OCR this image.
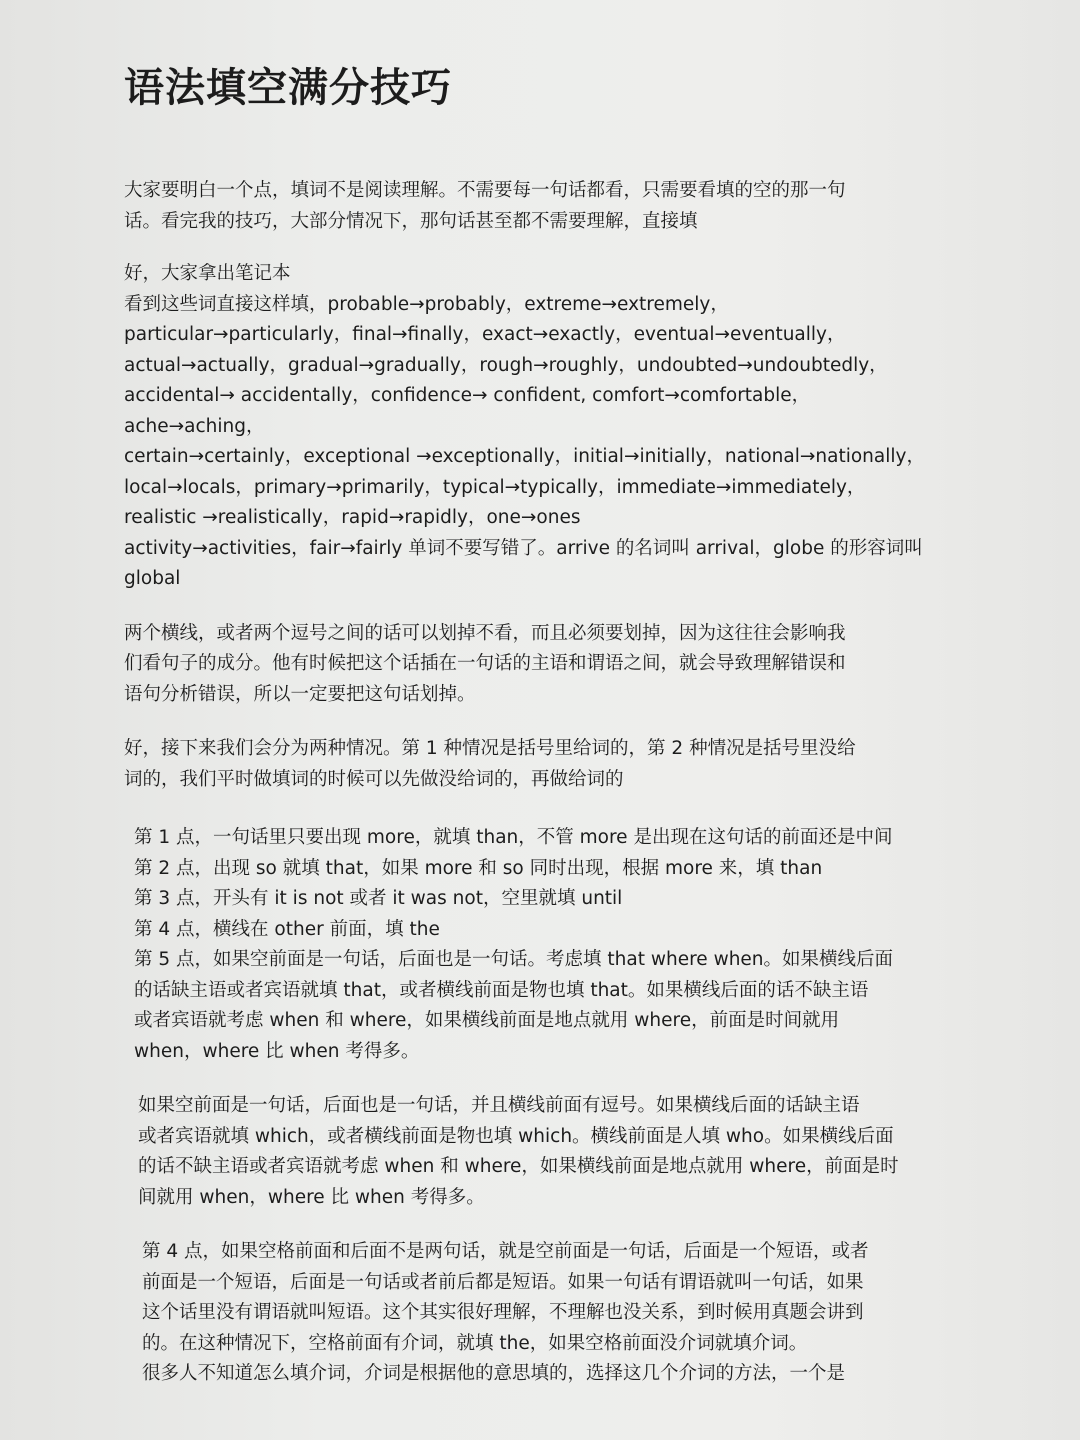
语法填空满分技巧

大家要明白一个点，填词不是阅读理解。不需要每一句话都看，只需要看填的空的那一句

话。看完我的技巧，大部分情况下，那句话甚至都不需要理解，直接填

好，大家拿出笔记本

看到这些词直接这样填，probable→probably，extreme→extremely，

particular→particularly，final→finally，exact→exactly，eventual→eventually，

actual→actually，gradual→gradually，rough→roughly，undoubted→undoubtedly，

accidental→ accidentally，confidence→ confident, comfort→comfortable，ache→aching，

certain→certainly，exceptional →exceptionally，initial→initially，national→nationally，

local→locals，primary→primarily，typical→typically，immediate→immediately，

realistic →realistically，rapid→rapidly，one→ones

activity→activities，fair→fairly 单词不要写错了。arrive 的名词叫 arrival，globe 的形容词叫

global

两个横线，或者两个逗号之间的话可以划掉不看，而且必须要划掉，因为这往往会影响我

们看句子的成分。他有时候把这个话插在一句话的主语和谓语之间，就会导致理解错误和

语句分析错误，所以一定要把这句话划掉。

好，接下来我们会分为两种情况。第 1 种情况是括号里给词的，第 2 种情况是括号里没给

词的，我们平时做填词的时候可以先做没给词的，再做给词的

第 1 点，一句话里只要出现 more，就填 than，不管 more 是出现在这句话的前面还是中间

第 2 点，出现 so 就填 that，如果 more 和 so 同时出现，根据 more 来，填 than

第 3 点，开头有 it is not 或者 it was not，空里就填 until

第 4 点，横线在 other 前面，填 the

第 5 点，如果空前面是一句话，后面也是一句话。考虑填 that where when。如果横线后面

的话缺主语或者宾语就填 that，或者横线前面是物也填 that。如果横线后面的话不缺主语

或者宾语就考虑 when 和 where，如果横线前面是地点就用 where，前面是时间就用

when，where 比 when 考得多。

如果空前面是一句话，后面也是一句话，并且横线前面有逗号。如果横线后面的话缺主语

或者宾语就填 which，或者横线前面是物也填 which。横线前面是人填 who。如果横线后面

的话不缺主语或者宾语就考虑 when 和 where，如果横线前面是地点就用 where，前面是时

间就用 when，where 比 when 考得多。

第 4 点，如果空格前面和后面不是两句话，就是空前面是一句话，后面是一个短语，或者

前面是一个短语，后面是一句话或者前后都是短语。如果一句话有谓语就叫一句话，如果

这个话里没有谓语就叫短语。这个其实很好理解，不理解也没关系，到时候用真题会讲到

的。在这种情况下，空格前面有介词，就填 the，如果空格前面没介词就填介词。

很多人不知道怎么填介词，介词是根据他的意思填的，选择这几个介词的方法，一个是
